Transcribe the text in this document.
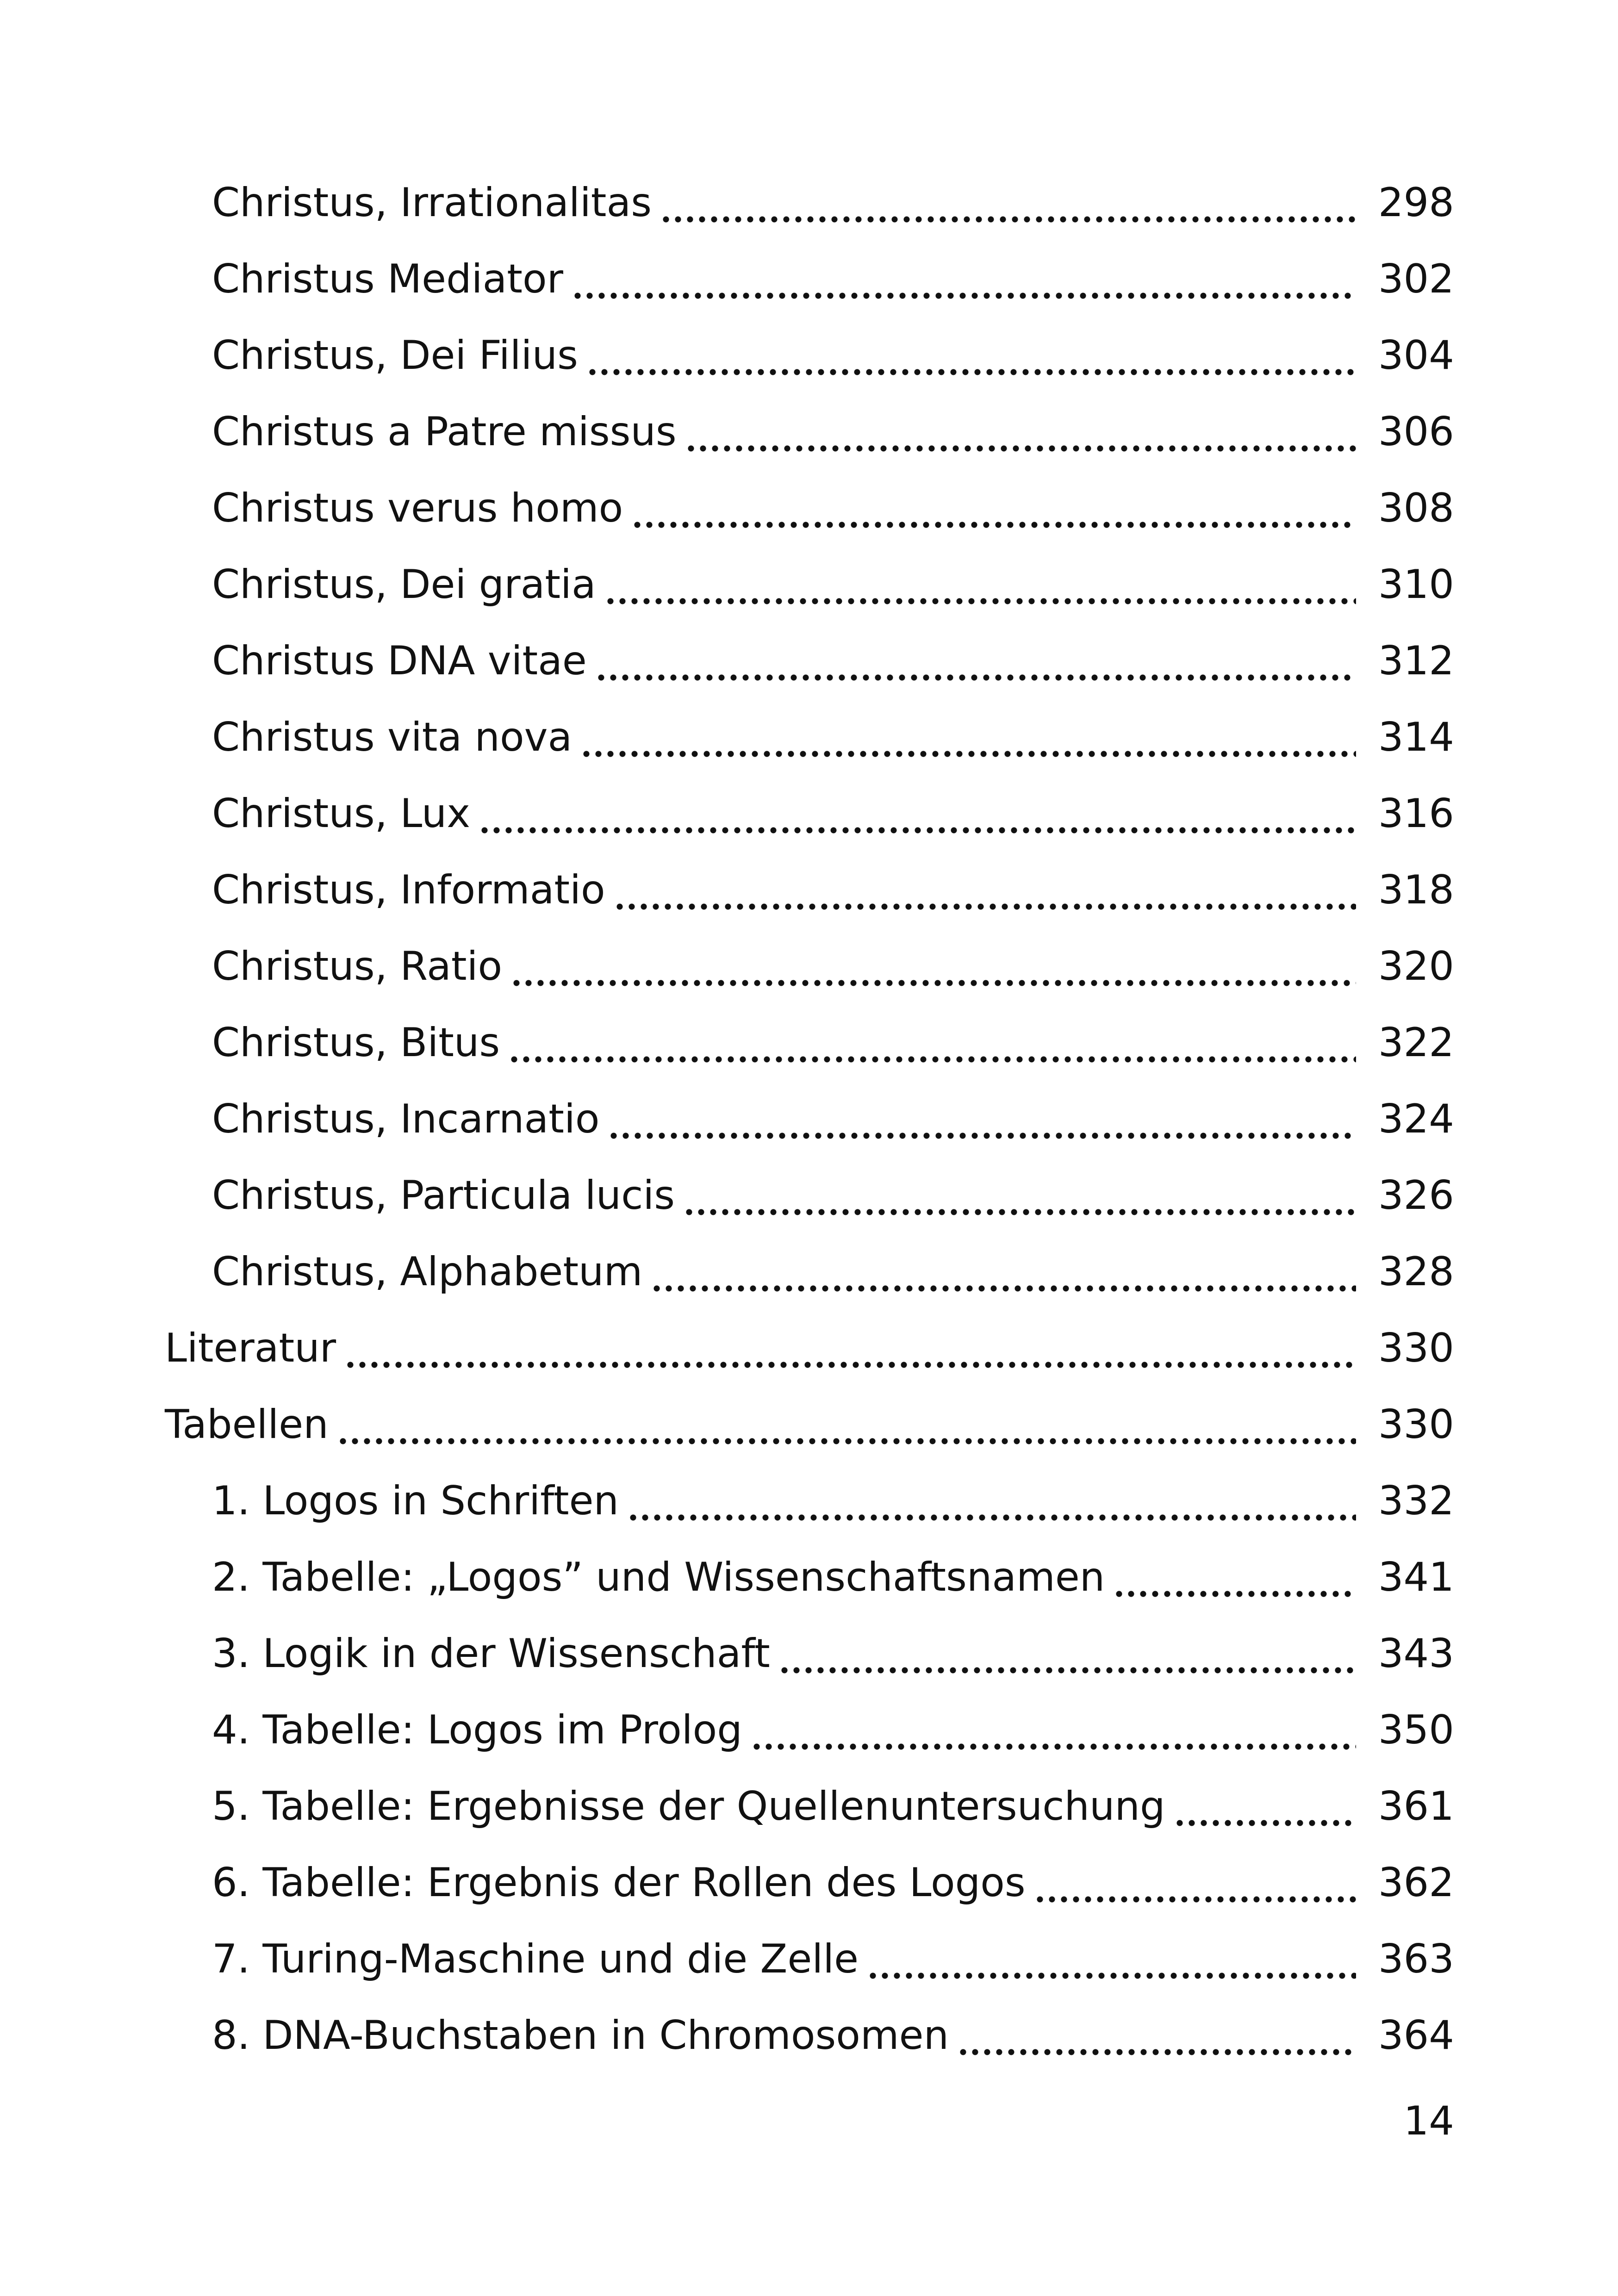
Christus, Irrationalitas	298
Christus Mediator	302
Christus, Dei Filius	304
Christus a Patre missus	306
Christus verus homo	308
Christus, Dei gratia	310
Christus DNA vitae	312
Christus vita nova	314
Christus, Lux	316
Christus, Informatio	318
Christus, Ratio	320
Christus, Bitus	322
Christus, Incarnatio	324
Christus, Particula lucis	326
Christus, Alphabetum	328
Literatur	330
Tabellen	330
1. Logos in Schriften	332
2. Tabelle: „Logos” und Wissenschaftsnamen	341
3. Logik in der Wissenschaft	343
4. Tabelle: Logos im Prolog	350
5. Tabelle: Ergebnisse der Quellenuntersuchung	361
6. Tabelle: Ergebnis der Rollen des Logos	362
7. Turing-Maschine und die Zelle	363
8. DNA-Buchstaben in Chromosomen	364
14
